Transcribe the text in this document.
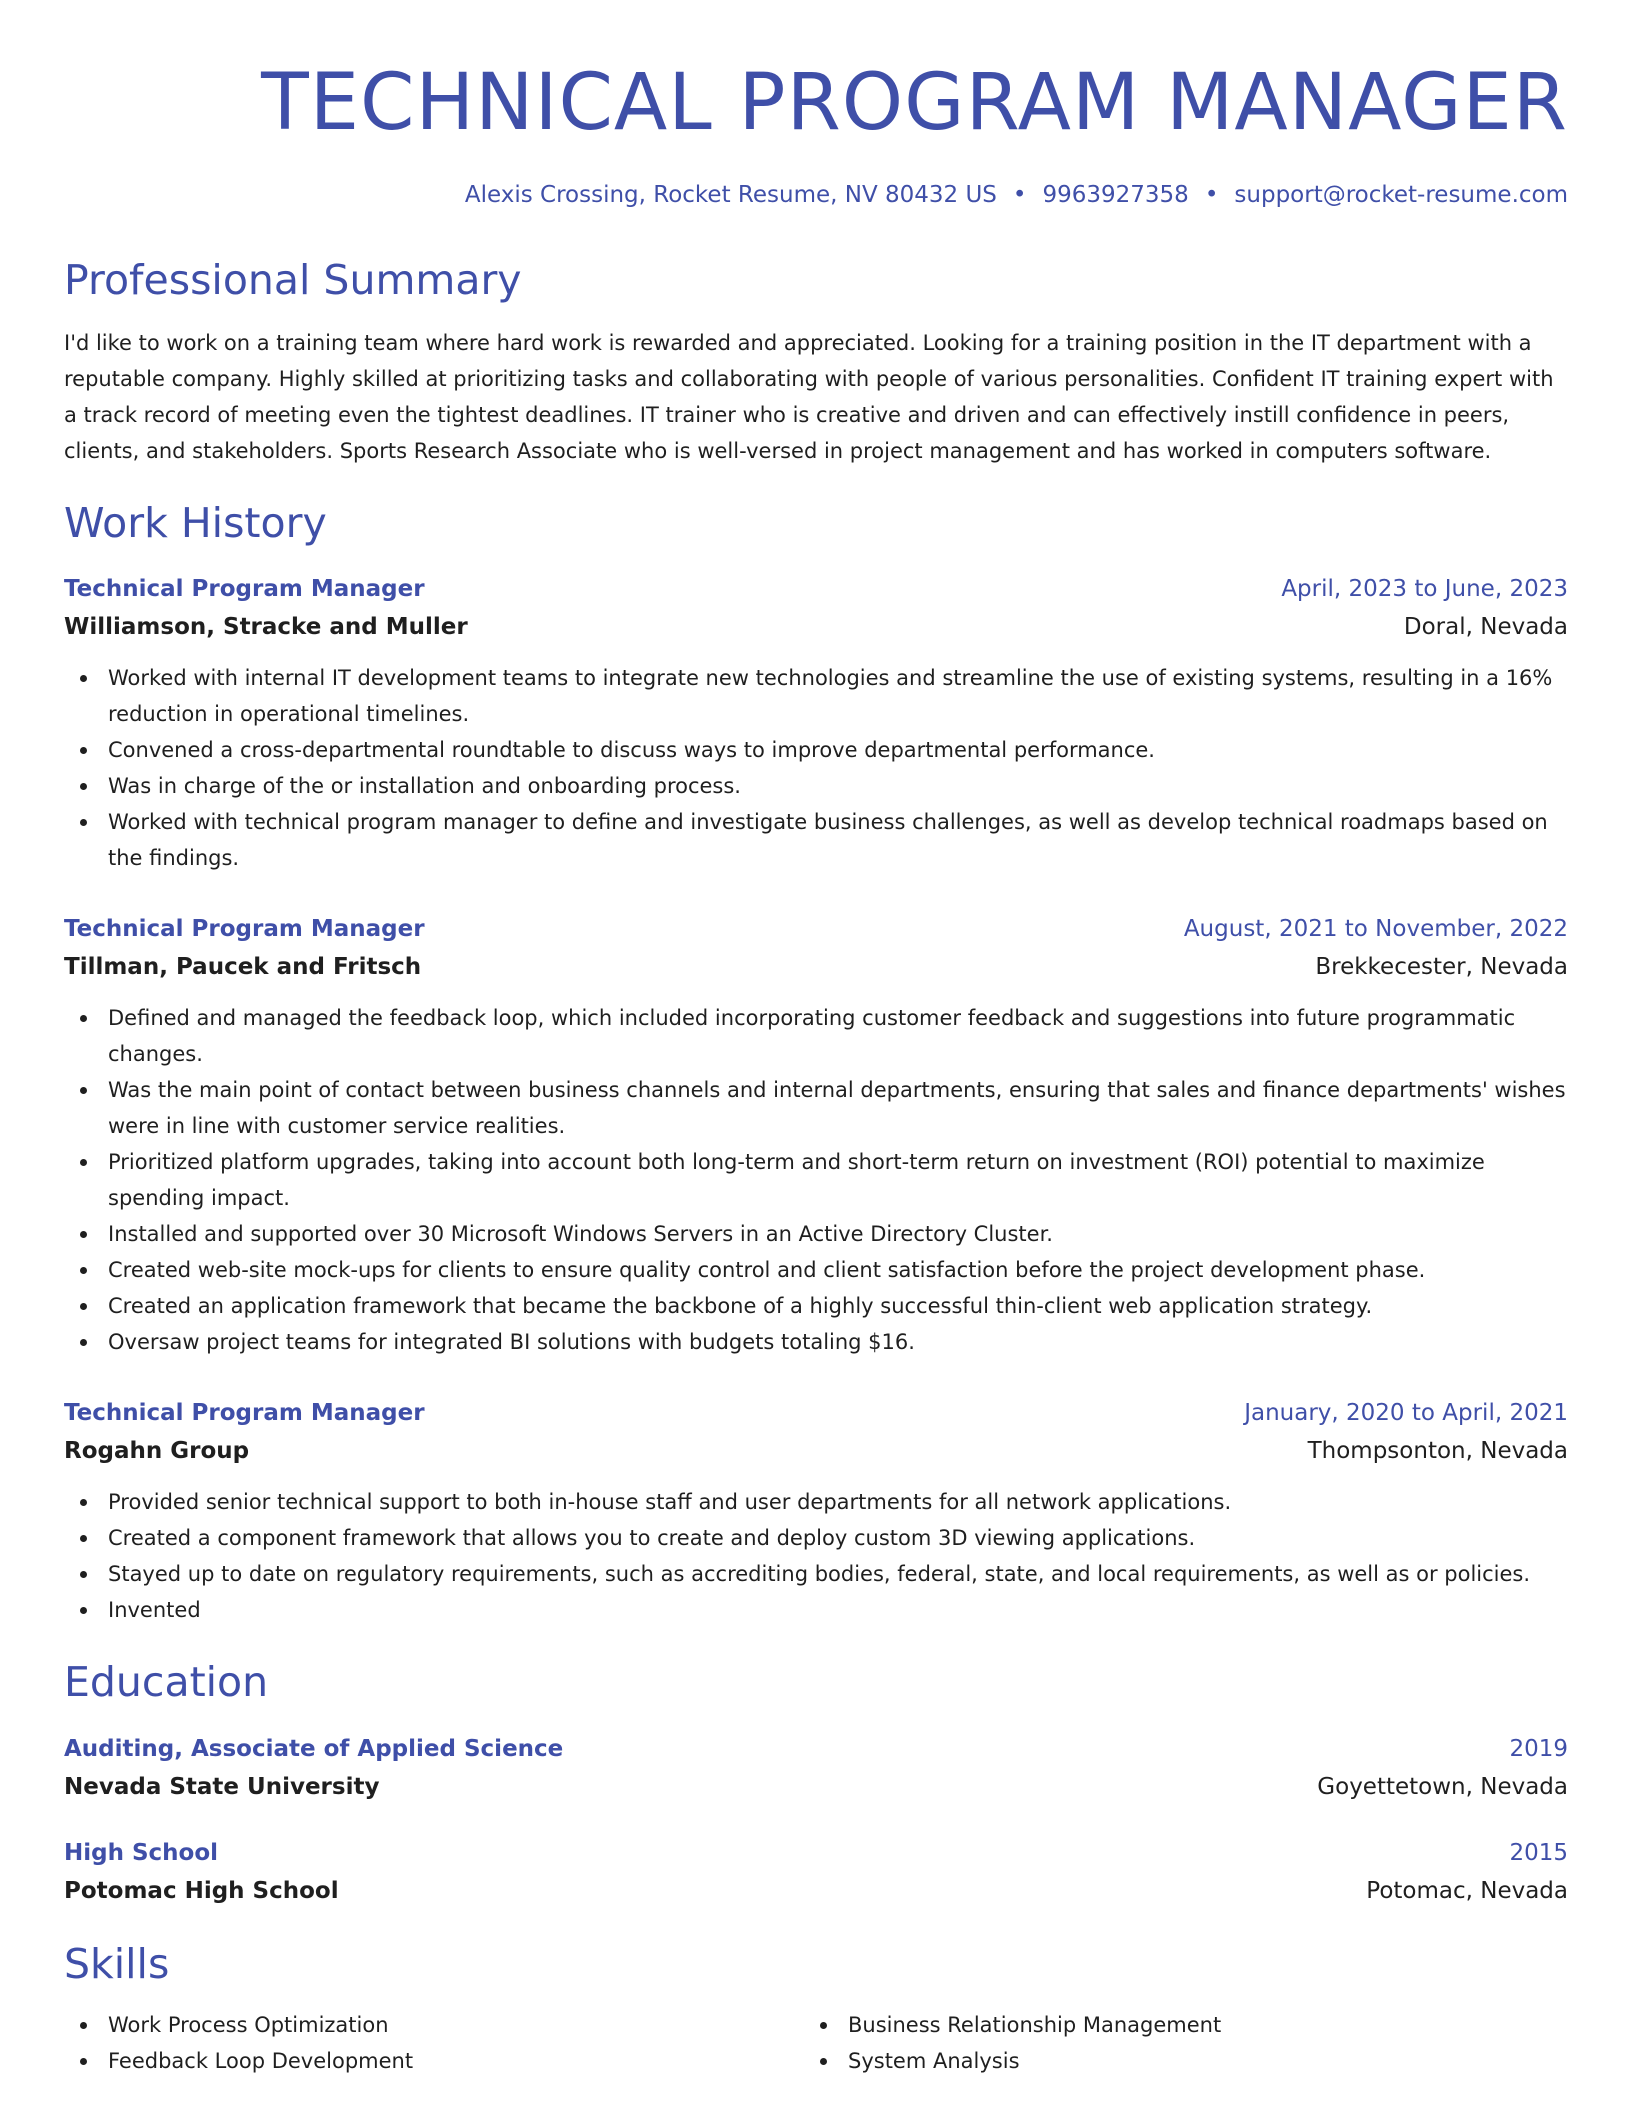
TECHNICAL PROGRAM MANAGER
Alexis Crossing, Rocket Resume, NV 80432 US • 9963927358 • support@rocket-resume.com
Professional Summary

I'd like to work on a training team where hard work is rewarded and appreciated. Looking for a training position in the IT department with a reputable company. Highly skilled at prioritizing tasks and collaborating with people of various personalities. Confident IT training expert with a track record of meeting even the tightest deadlines. IT trainer who is creative and driven and can effectively instill confidence in peers, clients, and stakeholders. Sports Research Associate who is well-versed in project management and has worked in computers software.

Work History
Technical Program Manager	April, 2023 to June, 2023
Williamson, Stracke and Muller	Doral, Nevada
Worked with internal IT development teams to integrate new technologies and streamline the use of existing systems, resulting in a 16% reduction in operational timelines.
Convened a cross-departmental roundtable to discuss ways to improve departmental performance.
Was in charge of the or installation and onboarding process.
Worked with technical program manager to define and investigate business challenges, as well as develop technical roadmaps based on the findings.
Technical Program Manager	August, 2021 to November, 2022
Tillman, Paucek and Fritsch	Brekkecester, Nevada
Defined and managed the feedback loop, which included incorporating customer feedback and suggestions into future programmatic changes.
Was the main point of contact between business channels and internal departments, ensuring that sales and finance departments' wishes were in line with customer service realities.
Prioritized platform upgrades, taking into account both long-term and short-term return on investment (ROI) potential to maximize spending impact.
Installed and supported over 30 Microsoft Windows Servers in an Active Directory Cluster.
Created web-site mock-ups for clients to ensure quality control and client satisfaction before the project development phase.
Created an application framework that became the backbone of a highly successful thin-client web application strategy.
Oversaw project teams for integrated BI solutions with budgets totaling $16.
Technical Program Manager	January, 2020 to April, 2021
Rogahn Group	Thompsonton, Nevada
Provided senior technical support to both in-house staff and user departments for all network applications.
Created a component framework that allows you to create and deploy custom 3D viewing applications.
Stayed up to date on regulatory requirements, such as accrediting bodies, federal, state, and local requirements, as well as or policies.
Invented
Education
Auditing, Associate of Applied Science	2019
Nevada State University	Goyettetown, Nevada
High School	2015
Potomac High School	Potomac, Nevada
Skills
Work Process Optimization
Feedback Loop Development
Business Relationship Management
System Analysis
